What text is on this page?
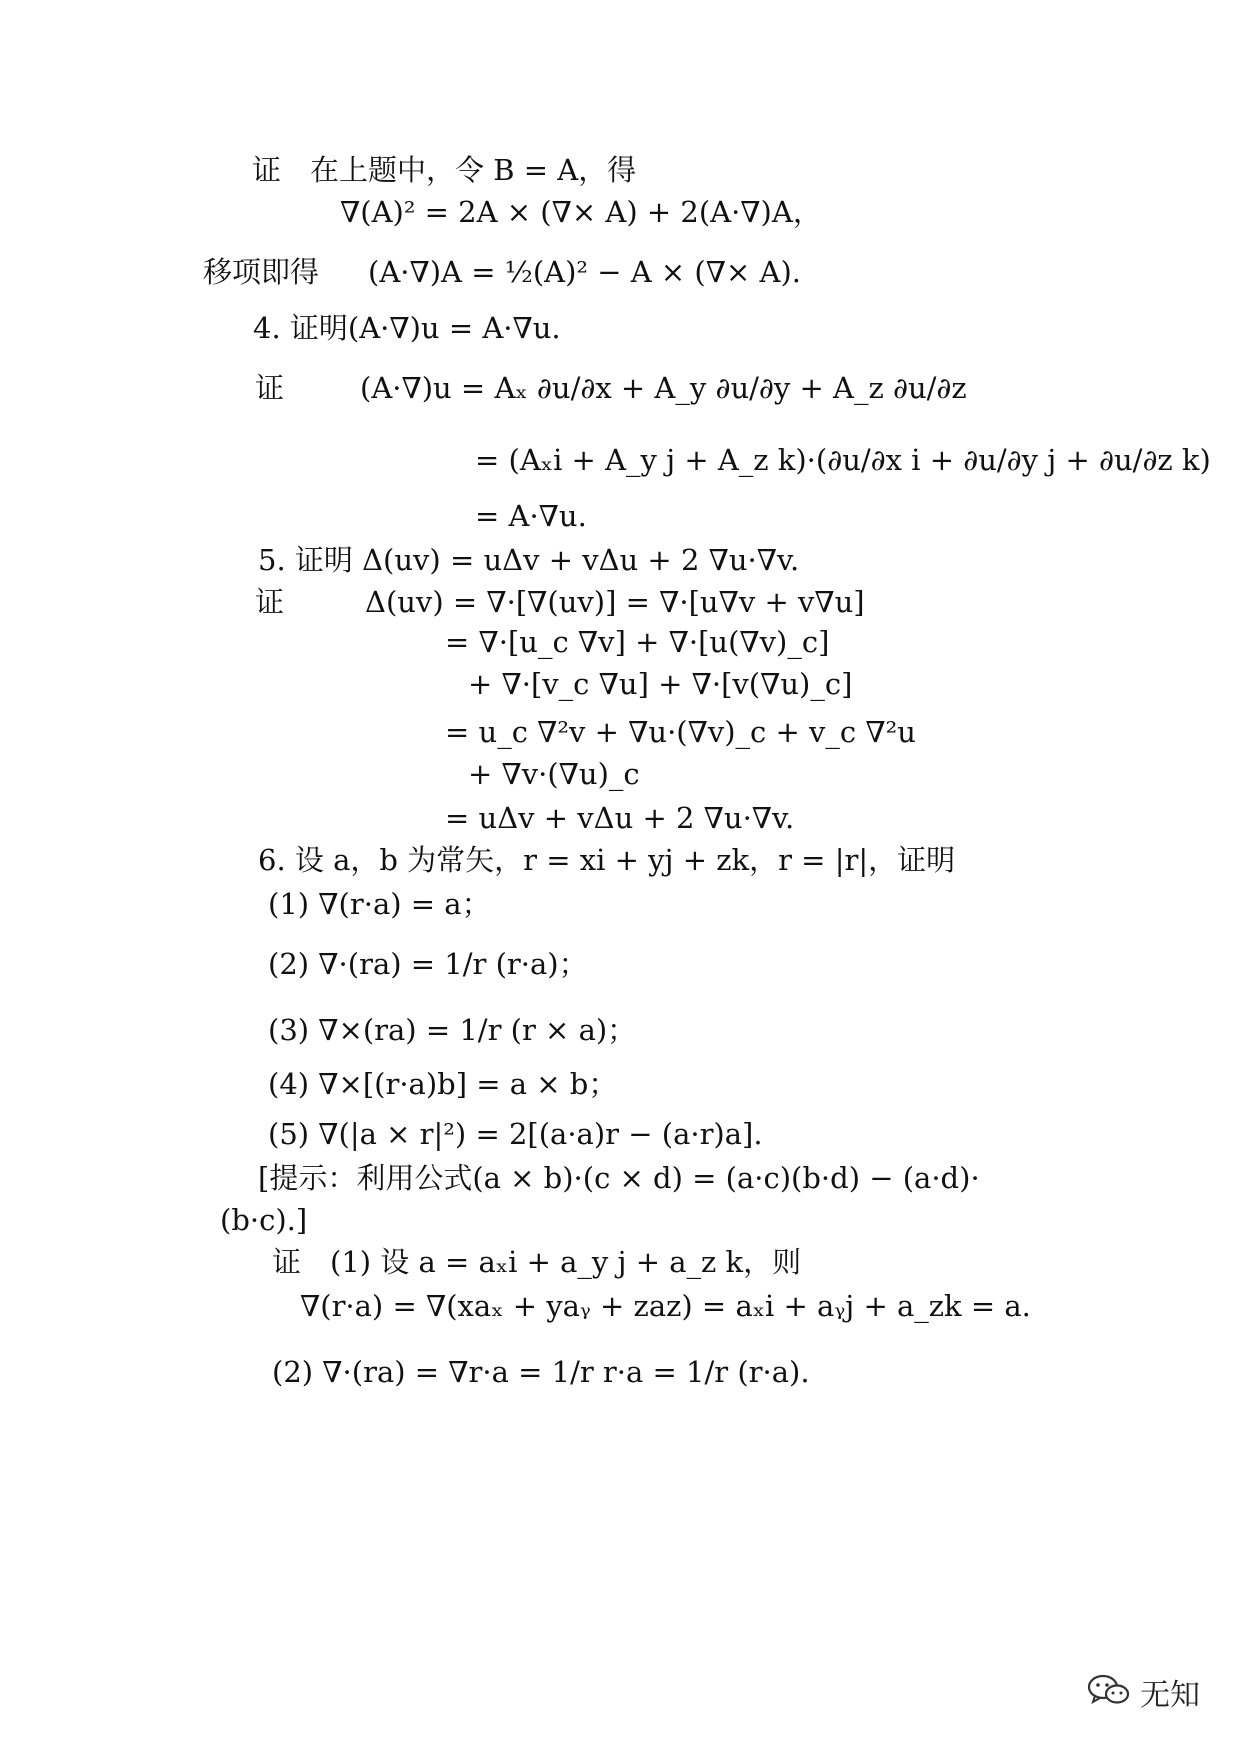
证　在上题中，令 B = A，得
∇(A)² = 2A × (∇× A) + 2(A·∇)A，
移项即得 (A·∇)A = ½(A)² − A × (∇× A).
4. 证明(A·∇)u = A·∇u.
证	(A·∇)u = Aₓ ∂u/∂x + A_y ∂u/∂y + A_z ∂u/∂z
= (Aₓi + A_y j + A_z k)·(∂u/∂x i + ∂u/∂y j + ∂u/∂z k)
= A·∇u.
5. 证明 Δ(uv) = uΔv + vΔu + 2 ∇u·∇v.
证	Δ(uv) = ∇·[∇(uv)] = ∇·[u∇v + v∇u]
= ∇·[u_c ∇v] + ∇·[u(∇v)_c]
+ ∇·[v_c ∇u] + ∇·[v(∇u)_c]
= u_c ∇²v + ∇u·(∇v)_c + v_c ∇²u
+ ∇v·(∇u)_c
= uΔv + vΔu + 2 ∇u·∇v.
6. 设 a，b 为常矢，r = xi + yj + zk，r = |r|，证明
(1) ∇(r·a) = a；
(2) ∇·(ra) = 1/r (r·a)；
(3) ∇×(ra) = 1/r (r × a)；
(4) ∇×[(r·a)b] = a × b；
(5) ∇(|a × r|²) = 2[(a·a)r − (a·r)a].
[提示：利用公式(a × b)·(c × d) = (a·c)(b·d) − (a·d)·
(b·c).]
证　(1) 设 a = aₓi + a_y j + a_z k，则
∇(r·a) = ∇(xaₓ + yaᵧ + zaz) = aₓi + aᵧj + a_zk = a.
(2) ∇·(ra) = ∇r·a = 1/r r·a = 1/r (r·a).
无知
